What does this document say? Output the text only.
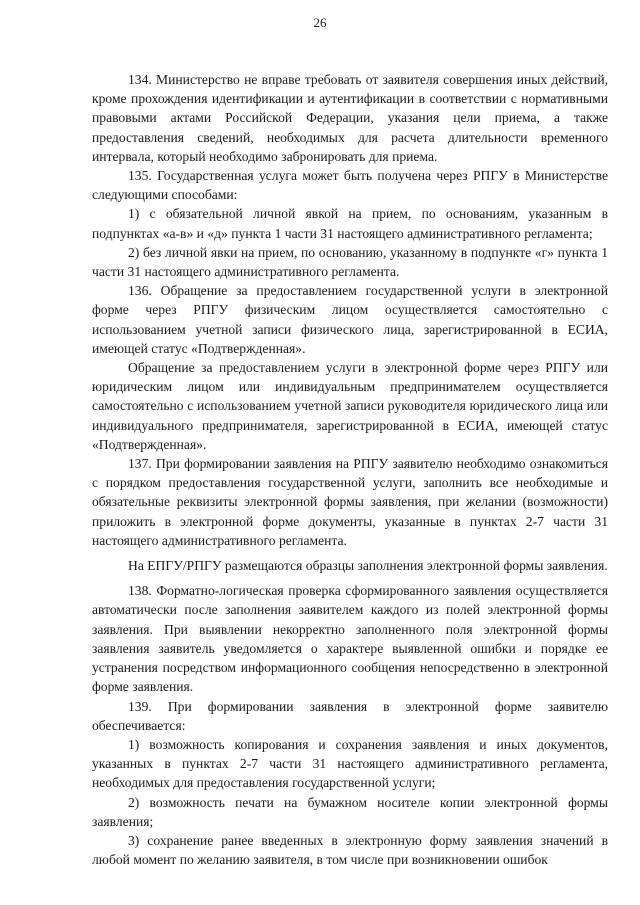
26

134. Министерство не вправе требовать от заявителя совершения иных действий, кроме прохождения идентификации и аутентификации в соответствии с нормативными правовыми актами Российской Федерации, указания цели приема, а также предоставления сведений, необходимых для расчета длительности временного интервала, который необходимо забронировать для приема.

135. Государственная услуга может быть получена через РПГУ в Министерстве следующими способами:

1) с обязательной личной явкой на прием, по основаниям, указанным в подпунктах «а-в» и «д» пункта 1 части 31 настоящего административного регламента;

2) без личной явки на прием, по основанию, указанному в подпункте «г» пункта 1 части 31 настоящего административного регламента.

136. Обращение за предоставлением государственной услуги в электронной форме через РПГУ физическим лицом осуществляется самостоятельно с использованием учетной записи физического лица, зарегистрированной в ЕСИА, имеющей статус «Подтвержденная».

Обращение за предоставлением услуги в электронной форме через РПГУ или юридическим лицом или индивидуальным предпринимателем осуществляется самостоятельно с использованием учетной записи руководителя юридического лица или индивидуального предпринимателя, зарегистрированной в ЕСИА, имеющей статус «Подтвержденная».

137. При формировании заявления на РПГУ заявителю необходимо ознакомиться с порядком предоставления государственной услуги, заполнить все необходимые и обязательные реквизиты электронной формы заявления, при желании (возможности) приложить в электронной форме документы, указанные в пунктах 2-7 части 31 настоящего административного регламента.

На ЕПГУ/РПГУ размещаются образцы заполнения электронной формы заявления.

138. Форматно-логическая проверка сформированного заявления осуществляется автоматически после заполнения заявителем каждого из полей электронной формы заявления. При выявлении некорректно заполненного поля электронной формы заявления заявитель уведомляется о характере выявленной ошибки и порядке ее устранения посредством информационного сообщения непосредственно в электронной форме заявления.

139. При формировании заявления в электронной форме заявителю обеспечивается:

1) возможность копирования и сохранения заявления и иных документов, указанных в пунктах 2-7 части 31 настоящего административного регламента, необходимых для предоставления государственной услуги;

2) возможность печати на бумажном носителе копии электронной формы заявления;

3) сохранение ранее введенных в электронную форму заявления значений в любой момент по желанию заявителя, в том числе при возникновении ошибок
